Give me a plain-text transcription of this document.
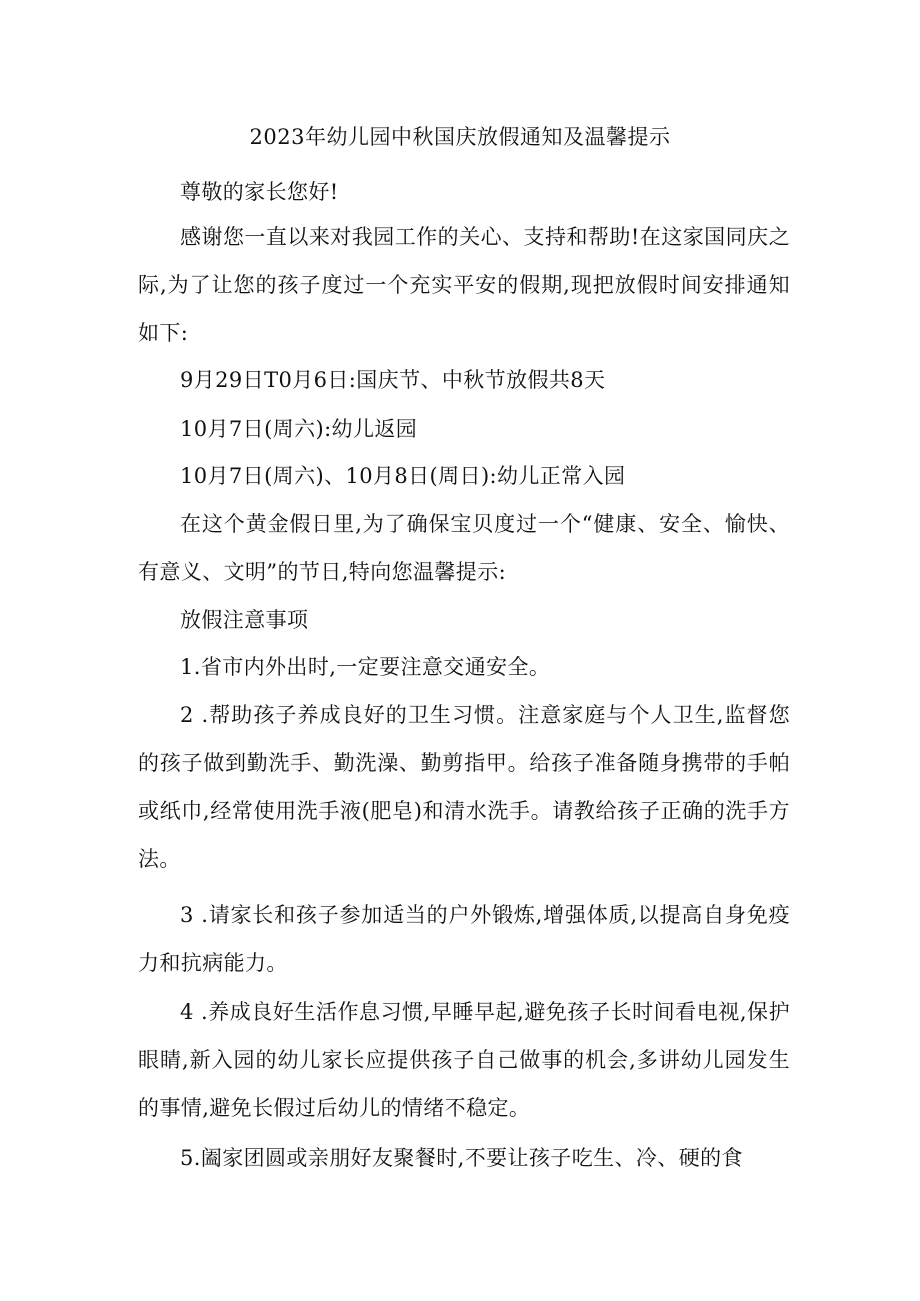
2023年幼儿园中秋国庆放假通知及温馨提示

尊敬的家长您好!

感谢您一直以来对我园工作的关心、支持和帮助!在这家国同庆之际,为了让您的孩子度过一个充实平安的假期,现把放假时间安排通知如下:

9月29日T0月6日:国庆节、中秋节放假共8天

10月7日(周六):幼儿返园

10月7日(周六)、10月8日(周日):幼儿正常入园

在这个黄金假日里,为了确保宝贝度过一个“健康、安全、愉快、有意义、文明”的节日,特向您温馨提示:

放假注意事项

1.省市内外出时,一定要注意交通安全。

2 .帮助孩子养成良好的卫生习惯。注意家庭与个人卫生,监督您的孩子做到勤洗手、勤洗澡、勤剪指甲。给孩子准备随身携带的手帕或纸巾,经常使用洗手液(肥皂)和清水洗手。请教给孩子正确的洗手方法。

3 .请家长和孩子参加适当的户外锻炼,增强体质,以提高自身免疫力和抗病能力。

4 .养成良好生活作息习惯,早睡早起,避免孩子长时间看电视,保护眼睛,新入园的幼儿家长应提供孩子自己做事的机会,多讲幼儿园发生的事情,避免长假过后幼儿的情绪不稳定。

5.阖家团圆或亲朋好友聚餐时,不要让孩子吃生、冷、硬的食
